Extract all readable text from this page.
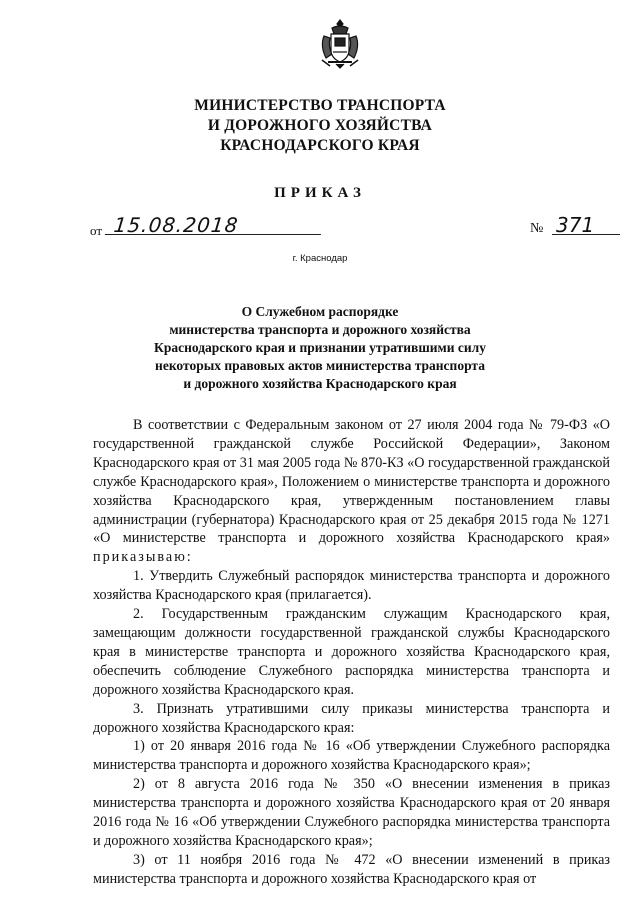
МИНИСТЕРСТВО ТРАНСПОРТА
И ДОРОЖНОГО ХОЗЯЙСТВА
КРАСНОДАРСКОГО КРАЯ
ПРИКАЗ
от 15.08.2018	№ 371
г. Краснодар
О Служебном распорядке
министерства транспорта и дорожного хозяйства
Краснодарского края и признании утратившими силу
некоторых правовых актов министерства транспорта
и дорожного хозяйства Краснодарского края

В соответствии с Федеральным законом от 27 июля 2004 года № 79-ФЗ «О государственной гражданской службе Российской Федерации», Законом Краснодарского края от 31 мая 2005 года № 870-КЗ «О государственной гражданской службе Краснодарского края», Положением о министерстве транспорта и дорожного хозяйства Краснодарского края, утвержденным постановлением главы администрации (губернатора) Краснодарского края от 25 декабря 2015 года № 1271 «О министерстве транспорта и дорожного хозяйства Краснодарского края» приказываю:

1. Утвердить Служебный распорядок министерства транспорта и дорожного хозяйства Краснодарского края (прилагается).

2. Государственным гражданским служащим Краснодарского края, замещающим должности государственной гражданской службы Краснодарского края в министерстве транспорта и дорожного хозяйства Краснодарского края, обеспечить соблюдение Служебного распорядка министерства транспорта и дорожного хозяйства Краснодарского края.

3. Признать утратившими силу приказы министерства транспорта и дорожного хозяйства Краснодарского края:

1) от 20 января 2016 года № 16 «Об утверждении Служебного распорядка министерства транспорта и дорожного хозяйства Краснодарского края»;

2) от 8 августа 2016 года № 350 «О внесении изменения в приказ министерства транспорта и дорожного хозяйства Краснодарского края от 20 января 2016 года № 16 «Об утверждении Служебного распорядка министерства транспорта и дорожного хозяйства Краснодарского края»;

3) от 11 ноября 2016 года № 472 «О внесении изменений в приказ министерства транспорта и дорожного хозяйства Краснодарского края от
